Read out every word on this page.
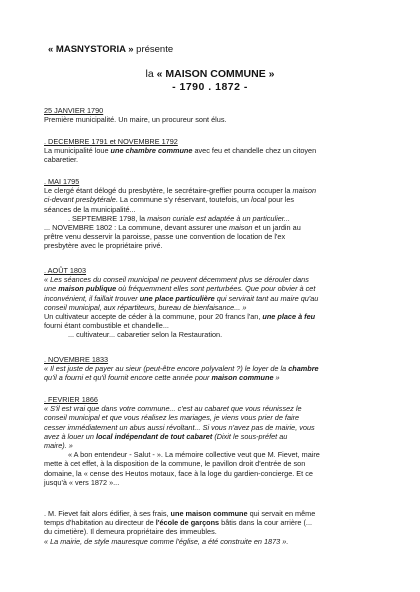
« MASNYSTORIA » présente
la « MAISON COMMUNE »
- 1790 . 1872 -

25 JANVIER 1790

Première municipalité. Un maire, un procureur sont élus.

. DECEMBRE 1791 et NOVEMBRE 1792

La municipalité loue une chambre commune avec feu et chandelle chez un citoyen

cabaretier.

. MAI 1795

Le clergé étant délogé du presbytère, le secrétaire-greffier pourra occuper la maison

ci-devant presbytérale. La commune s'y réservant, toutefois, un local pour les

séances de la municipalité...

. SEPTEMBRE 1798, la maison curiale est adaptée à un particulier...

... NOVEMBRE 1802 : La commune, devant assurer une maison et un jardin au

prêtre venu desservir la paroisse, passe une convention de location de l'ex

presbytère avec le propriétaire privé.

. AOÛT 1803

« Les séances du conseil municipal ne peuvent décemment plus se dérouler dans

une maison publique où fréquemment elles sont perturbées. Que pour obvier à cet

inconvénient, il faillait trouver une place particulière qui servirait tant au maire qu'au

conseil municipal, aux répartiteurs, bureau de bienfaisance... »

Un cultivateur accepte de céder à la commune, pour 20 francs l'an, une place à feu

fourni étant combustible et chandelle...

... cultivateur... cabaretier selon la Restauration.

. NOVEMBRE 1833

« Il est juste de payer au sieur (peut-être encore polyvalent ?) le loyer de la chambre

qu'il a fourni et qu'il fournit encore cette année pour maison commune »

. FEVRIER 1866

« S'il est vrai que dans votre commune... c'est au cabaret que vous réunissez le

conseil municipal et que vous réalisez les mariages, je viens vous prier de faire

cesser immédiatement un abus aussi révoltant... Si vous n'avez pas de mairie, vous

avez à louer un local indépendant de tout cabaret (Dixit le sous-préfet au

maire). »

« A bon entendeur - Salut - ». La mémoire collective veut que M. Fievet, maire

mette à cet effet, à la disposition de la commune, le pavillon droit d'entrée de son

domaine, la « cense des Heutos motaux, face à la loge du gardien-concierge. Et ce

jusqu'à « vers 1872 »...

. M. Fievet fait alors édifier, à ses frais, une maison commune qui servait en même

temps d'habitation au directeur de l'école de garçons bâtis dans la cour arrière (...

du cimetière). Il demeura propriétaire des immeubles.

« La mairie, de style mauresque comme l'église, a été construite en 1873 ».
